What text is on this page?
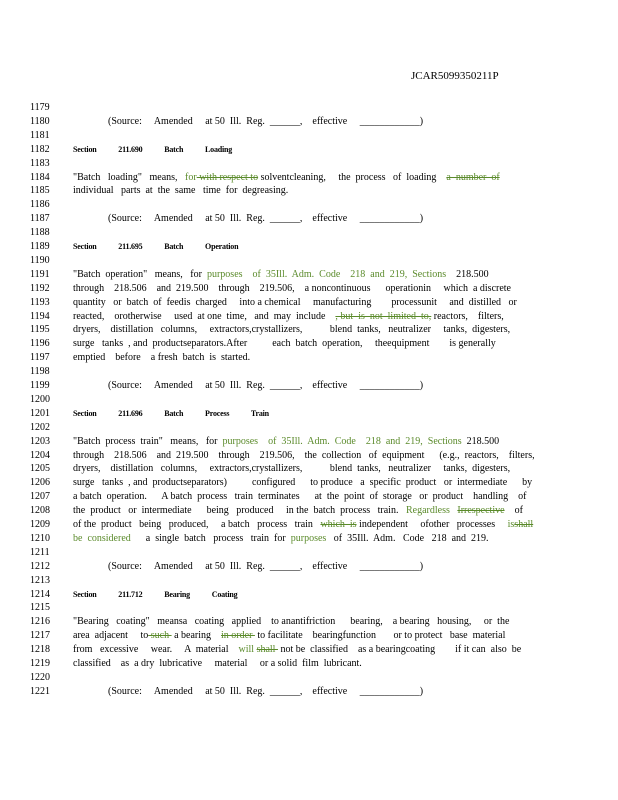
JCAR5099350211P
1179
1180	(Source:     Amended     at 50  Ill.  Reg.  ______,    effective     ____________)
1181
1182	Section 211.690 Batch Loading
1183
1184	"Batch   loading"   means,   for with respect to solventcleaning,     the  process   of  loading    a  number  of
1185	individual   parts  at  the  same   time  for  degreasing.
1186
1187	(Source:     Amended     at 50  Ill.  Reg.  ______,    effective     ____________)
1188
1189	Section 211.695 Batch Operation
1190
1191	"Batch  operation"   means,   for  purposes    of  35Ill.  Adm.  Code    218  and  219,  Sections    218.500
1192	through    218.506    and  219.500    through    219.506,    a noncontinuous      operationin     which  a discrete
1193	quantity   or  batch  of  feedis  charged     into a chemical     manufacturing        processunit     and  distilled   or
1194	reacted,    orotherwise     used  at one  time,   and  may  include    , but  is  not  limited  to, reactors,    filters,
1195	dryers,    distillation   columns,     extractors,crystallizers,           blend  tanks,   neutralizer     tanks,  digesters,
1196	surge   tanks  , and  productseparators.After          each  batch  operation,     theequipment        is generally
1197	emptied    before    a fresh  batch  is  started.
1198
1199	(Source:     Amended     at 50  Ill.  Reg.  ______,    effective     ____________)
1200
1201	Section 211.696 Batch Process Train
1202
1203	"Batch  process  train"   means,   for  purposes    of  35Ill.  Adm.  Code    218  and  219,  Sections  218.500
1204	through    218.506    and  219.500    through    219.506,    the  collection   of  equipment      (e.g.,  reactors,    filters,
1205	dryers,    distillation   columns,     extractors,crystallizers,           blend  tanks,   neutralizer     tanks,  digesters,
1206	surge   tanks  , and  productseparators)          configured      to produce   a  specific  product   or  intermediate      by
1207	a batch  operation.      A batch  process   train  terminates      at  the  point  of  storage   or  product    handling    of
1208	the  product   or  intermediate      being   produced     in the  batch  process   train.   Regardless Irrespective    of
1209	of the  product   being   produced,     a batch   process   train   which  is independent     ofother   processes     isshall
1210	be  considered      a  single  batch   process   train  for  purposes   of  35Ill.  Adm.   Code   218  and  219.
1211
1212	(Source:     Amended     at 50  Ill.  Reg.  ______,    effective     ____________)
1213
1214	Section 211.712 Bearing Coating
1215
1216	"Bearing   coating"   meansa   coating   applied    to anantifriction      bearing,    a bearing   housing,     or  the
1217	area  adjacent     to such  a bearing    in order  to facilitate    bearingfunction       or to protect   base  material
1218	from   excessive     wear.     A  material    will shall  not be  classified    as a bearingcoating        if it can  also  be
1219	classified    as  a dry  lubricative     material     or a solid  film  lubricant.
1220
1221	(Source:     Amended     at 50  Ill.  Reg.  ______,    effective     ____________)
